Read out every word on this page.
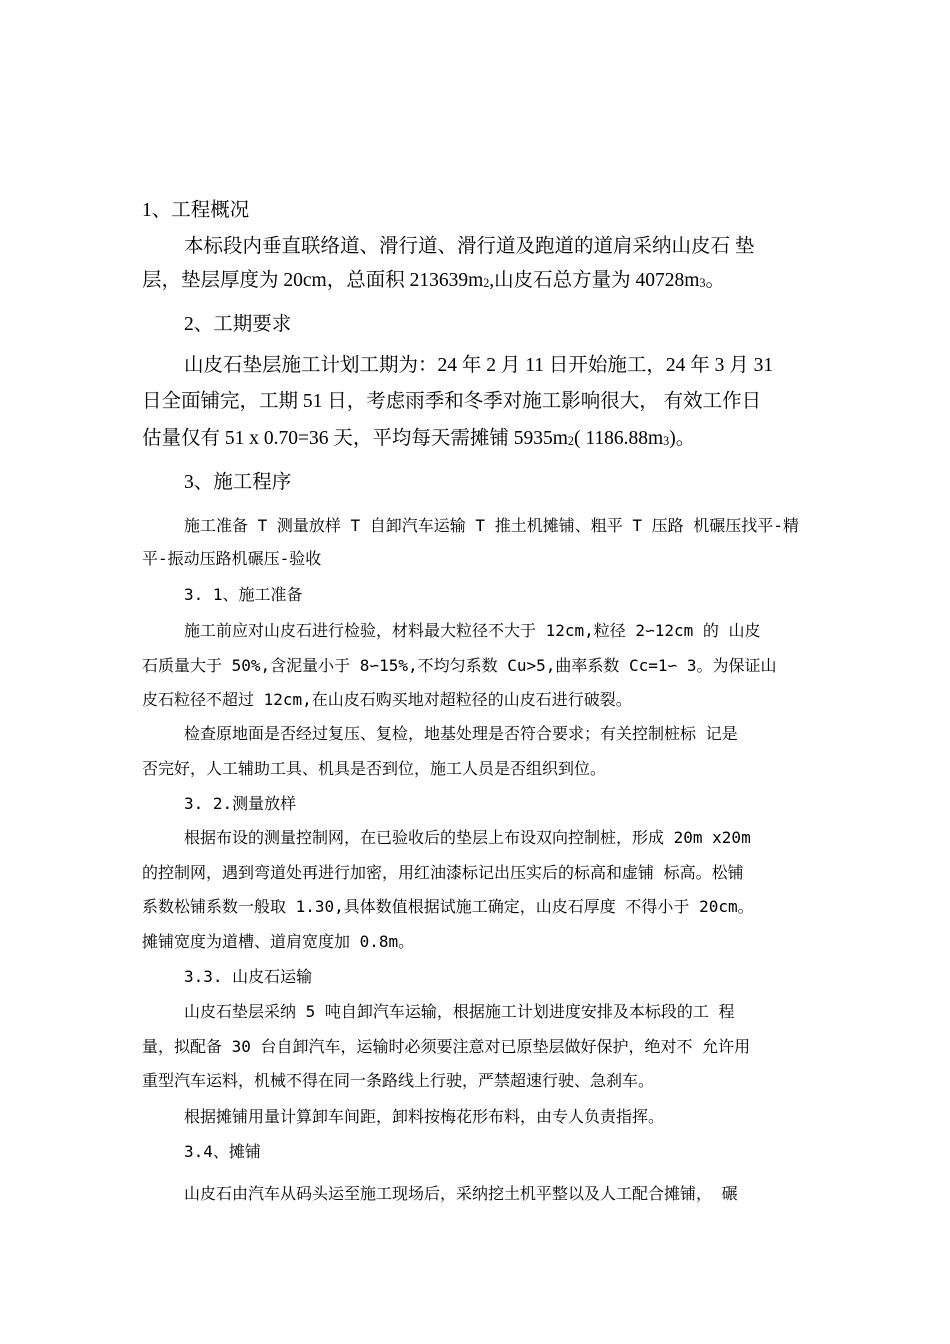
1、工程概况
本标段内垂直联络道、滑行道、滑行道及跑道的道肩采纳山皮石 垫
层，垫层厚度为 20cm，总面积 213639m2,山皮石总方量为 40728m3。
2、工期要求
山皮石垫层施工计划工期为：24 年 2 月 11 日开始施工，24 年 3 月 31
日全面铺完，工期 51 日，考虑雨季和冬季对施工影响很大， 有效工作日
估量仅有 51 x 0.70=36 天，平均每天需摊铺 5935m2( 1186.88m3)。
3、施工程序
施工准备 T 测量放样 T 自卸汽车运输 T 推土机摊铺、粗平 T 压路 机碾压找平-精
平-振动压路机碾压-验收
3. 1、施工准备
施工前应对山皮石进行检验，材料最大粒径不大于 12cm,粒径 2∽12cm 的 山皮
石质量大于 50%,含泥量小于 8∽15%,不均匀系数 Cu>5,曲率系数 Cc=1∽ 3。为保证山
皮石粒径不超过 12cm,在山皮石购买地对超粒径的山皮石进行破裂。
检查原地面是否经过复压、复检，地基处理是否符合要求；有关控制桩标 记是
否完好，人工辅助工具、机具是否到位，施工人员是否组织到位。
3. 2.测量放样
根据布设的测量控制网，在已验收后的垫层上布设双向控制桩，形成 20m x20m
的控制网，遇到弯道处再进行加密，用红油漆标记出压实后的标高和虚铺 标高。松铺
系数松铺系数一般取 1.30,具体数值根据试施工确定，山皮石厚度 不得小于 20cm。
摊铺宽度为道槽、道肩宽度加 0.8m。
3.3. 山皮石运输
山皮石垫层采纳 5 吨自卸汽车运输，根据施工计划进度安排及本标段的工 程
量，拟配备 30 台自卸汽车，运输时必须要注意对已原垫层做好保护，绝对不 允许用
重型汽车运料，机械不得在同一条路线上行驶，严禁超速行驶、急刹车。
根据摊铺用量计算卸车间距，卸料按梅花形布料，由专人负责指挥。
3.4、摊铺
山皮石由汽车从码头运至施工现场后，采纳挖土机平整以及人工配合摊铺， 碾
